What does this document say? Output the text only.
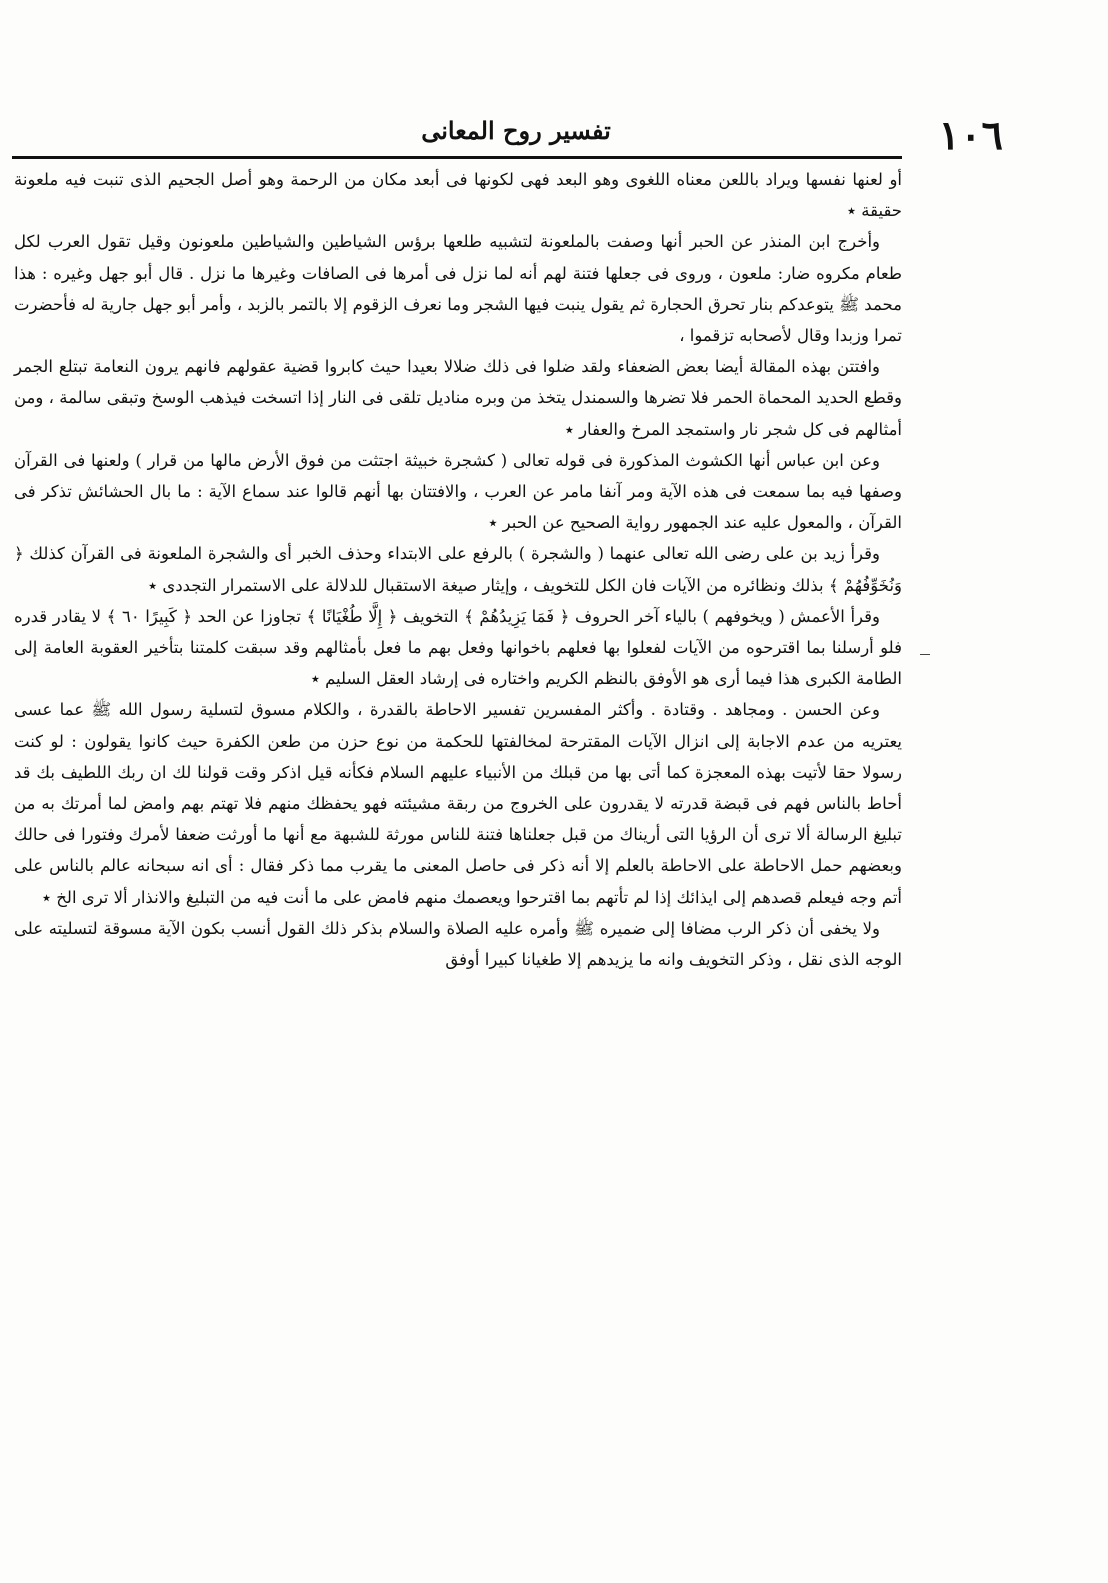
١٠٦
تفسير روح المعانى

أو لعنها نفسها ويراد باللعن معناه اللغوى وهو البعد فهى لكونها فى أبعد مكان من الرحمة وهو أصل الجحيم الذى تنبت فيه ملعونة حقيقة ٭

وأخرج ابن المنذر عن الحبر أنها وصفت بالملعونة لتشبيه طلعها برؤس الشياطين والشياطين ملعونون وقيل تقول العرب لكل طعام مكروه ضار: ملعون ، وروى فى جعلها فتنة لهم أنه لما نزل فى أمرها فى الصافات وغيرها ما نزل . قال أبو جهل وغيره : هذا محمد ﷺ يتوعدكم بنار تحرق الحجارة ثم يقول ينبت فيها الشجر وما نعرف الزقوم إلا بالتمر بالزبد ، وأمر أبو جهل جارية له فأحضرت تمرا وزبدا وقال لأصحابه تزقموا ،

وافتتن بهذه المقالة أيضا بعض الضعفاء ولقد ضلوا فى ذلك ضلالا بعيدا حيث كابروا قضية عقولهم فانهم يرون النعامة تبتلع الجمر وقطع الحديد المحماة الحمر فلا تضرها والسمندل يتخذ من وبره مناديل تلقى فى النار إذا اتسخت فيذهب الوسخ وتبقى سالمة ، ومن أمثالهم فى كل شجر نار واستمجد المرخ والعفار ٭

وعن ابن عباس أنها الكشوث المذكورة فى قوله تعالى ( كشجرة خبيثة اجتثت من فوق الأرض مالها من قرار ) ولعنها فى القرآن وصفها فيه بما سمعت فى هذه الآية ومر آنفا مامر عن العرب ، والافتتان بها أنهم قالوا عند سماع الآية : ما بال الحشائش تذكر فى القرآن ، والمعول عليه عند الجمهور رواية الصحيح عن الحبر ٭

وقرأ زيد بن على رضى الله تعالى عنهما ( والشجرة ) بالرفع على الابتداء وحذف الخبر أى والشجرة الملعونة فى القرآن كذلك ﴿ وَنُخَوِّفُهُمْ ﴾ بذلك ونظائره من الآيات فان الكل للتخويف ، وإيثار صيغة الاستقبال للدلالة على الاستمرار التجددى ٭

وقرأ الأعمش ( ويخوفهم ) بالياء آخر الحروف ﴿ فَمَا يَزِيدُهُمْ ﴾ التخويف ﴿ إِلَّا طُغْيَانًا ﴾ تجاوزا عن الحد ﴿ كَبِيرًا ٦٠ ﴾ لا يقادر قدره فلو أرسلنا بما اقترحوه من الآيات لفعلوا بها فعلهم باخوانها وفعل بهم ما فعل بأمثالهم وقد سبقت كلمتنا بتأخير العقوبة العامة إلى الطامة الكبرى هذا فيما أرى هو الأوفق بالنظم الكريم واختاره فى إرشاد العقل السليم ٭

وعن الحسن . ومجاهد . وقتادة . وأكثر المفسرين تفسير الاحاطة بالقدرة ، والكلام مسوق لتسلية رسول الله ﷺ عما عسى يعتريه من عدم الاجابة إلى انزال الآيات المقترحة لمخالفتها للحكمة من نوع حزن من طعن الكفرة حيث كانوا يقولون : لو كنت رسولا حقا لأتيت بهذه المعجزة كما أتى بها من قبلك من الأنبياء عليهم السلام فكأنه قيل اذكر وقت قولنا لك ان ربك اللطيف بك قد أحاط بالناس فهم فى قبضة قدرته لا يقدرون على الخروج من ربقة مشيئته فهو يحفظك منهم فلا تهتم بهم وامض لما أمرتك به من تبليغ الرسالة ألا ترى أن الرؤيا التى أريناك من قبل جعلناها فتنة للناس مورثة للشبهة مع أنها ما أورثت ضعفا لأمرك وفتورا فى حالك وبعضهم حمل الاحاطة على الاحاطة بالعلم إلا أنه ذكر فى حاصل المعنى ما يقرب مما ذكر فقال : أى انه سبحانه عالم بالناس على أتم وجه فيعلم قصدهم إلى ايذائك إذا لم تأتهم بما اقترحوا ويعصمك منهم فامض على ما أنت فيه من التبليغ والانذار ألا ترى الخ ٭

ولا يخفى أن ذكر الرب مضافا إلى ضميره ﷺ وأمره عليه الصلاة والسلام بذكر ذلك القول أنسب بكون الآية مسوقة لتسليته على الوجه الذى نقل ، وذكر التخويف وانه ما يزيدهم إلا طغيانا كبيرا أوفق
